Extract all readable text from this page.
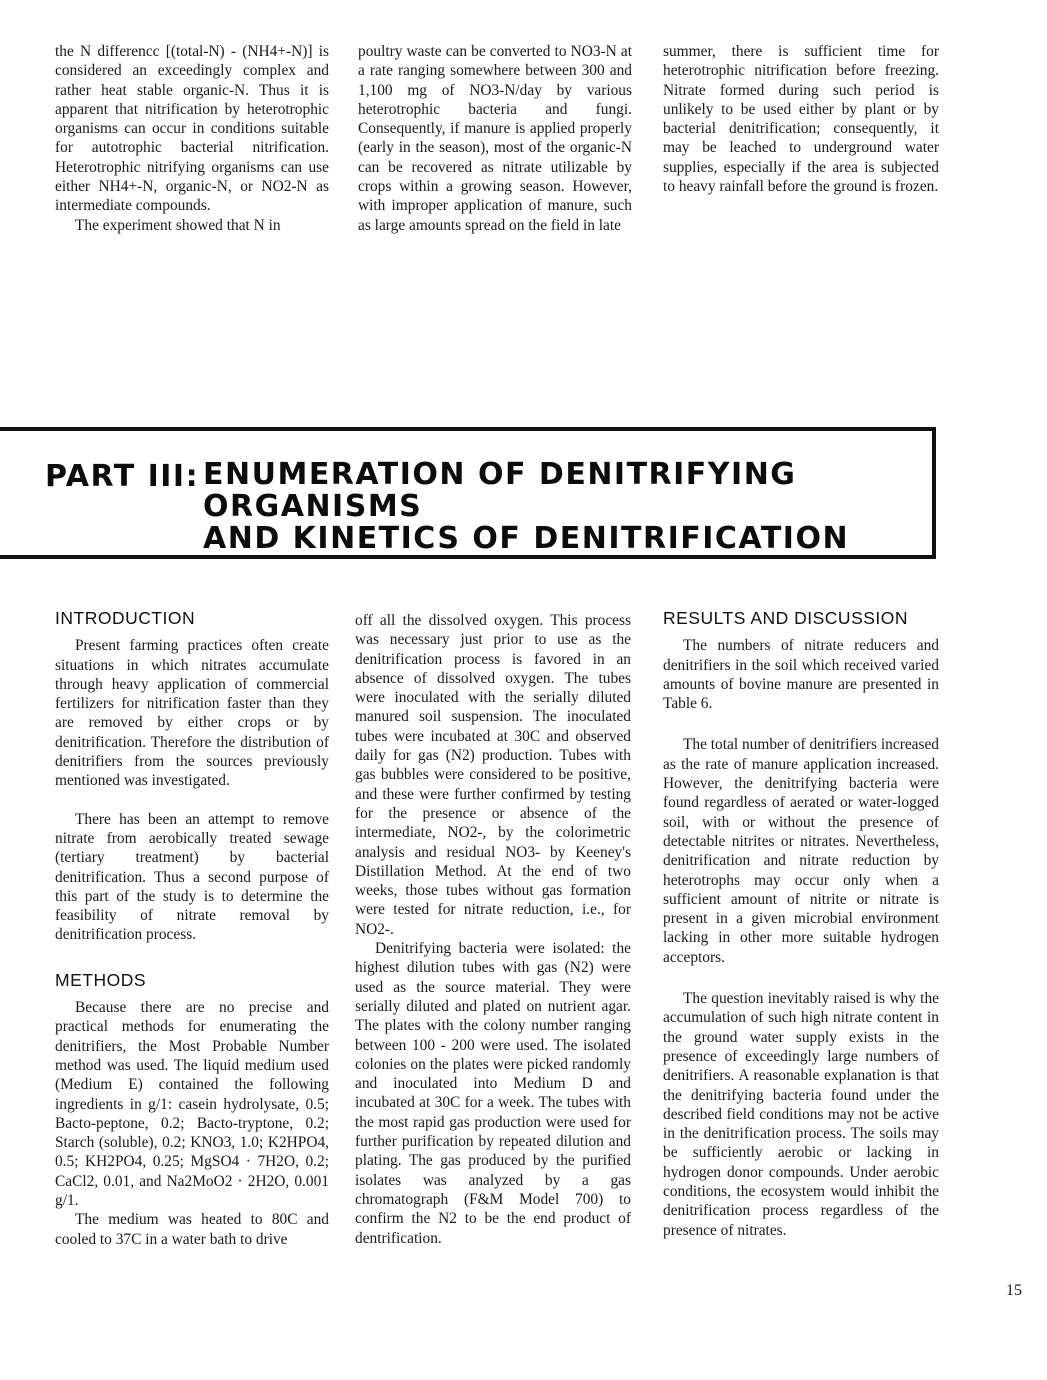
the N differencc [(total-N) - (NH4+-N)] is considered an exceedingly complex and rather heat stable organic-N. Thus it is apparent that nitrification by heterotrophic organisms can occur in conditions suitable for autotrophic bacterial nitrification. Heterotrophic nitrifying organisms can use either NH4+-N, organic-N, or NO2-N as intermediate compounds.

The experiment showed that N in

poultry waste can be converted to NO3-N at a rate ranging somewhere between 300 and 1,100 mg of NO3-N/day by various heterotrophic bacteria and fungi. Consequently, if manure is applied properly (early in the season), most of the organic-N can be recovered as nitrate utilizable by crops within a growing season. However, with improper application of manure, such as large amounts spread on the field in late

summer, there is sufficient time for heterotrophic nitrification before freezing. Nitrate formed during such period is unlikely to be used either by plant or by bacterial denitrification; consequently, it may be leached to underground water supplies, especially if the area is subjected to heavy rainfall before the ground is frozen.

PART III: ENUMERATION OF DENITRIFYING ORGANISMS
AND KINETICS OF DENITRIFICATION
INTRODUCTION

Present farming practices often create situations in which nitrates accumulate through heavy application of commercial fertilizers for nitrification faster than they are removed by either crops or by denitrification. Therefore the distribution of denitrifiers from the sources previously mentioned was investigated.

There has been an attempt to remove nitrate from aerobically treated sewage (tertiary treatment) by bacterial denitrification. Thus a second purpose of this part of the study is to determine the feasibility of nitrate removal by denitrification process.

METHODS

Because there are no precise and practical methods for enumerating the denitrifiers, the Most Probable Number method was used. The liquid medium used (Medium E) contained the following ingredients in g/1: casein hydrolysate, 0.5; Bacto-peptone, 0.2; Bacto-tryptone, 0.2; Starch (soluble), 0.2; KNO3, 1.0; K2HPO4, 0.5; KH2PO4, 0.25; MgSO4 · 7H2O, 0.2; CaCl2, 0.01, and Na2MoO2 · 2H2O, 0.001 g/1.

The medium was heated to 80C and cooled to 37C in a water bath to drive

off all the dissolved oxygen. This process was necessary just prior to use as the denitrification process is favored in an absence of dissolved oxygen. The tubes were inoculated with the serially diluted manured soil suspension. The inoculated tubes were incubated at 30C and observed daily for gas (N2) production. Tubes with gas bubbles were considered to be positive, and these were further confirmed by testing for the presence or absence of the intermediate, NO2-, by the colorimetric analysis and residual NO3- by Keeney's Distillation Method. At the end of two weeks, those tubes without gas formation were tested for nitrate reduction, i.e., for NO2-.

Denitrifying bacteria were isolated: the highest dilution tubes with gas (N2) were used as the source material. They were serially diluted and plated on nutrient agar. The plates with the colony number ranging between 100 - 200 were used. The isolated colonies on the plates were picked randomly and inoculated into Medium D and incubated at 30C for a week. The tubes with the most rapid gas production were used for further purification by repeated dilution and plating. The gas produced by the purified isolates was analyzed by a gas chromatograph (F&M Model 700) to confirm the N2 to be the end product of dentrification.

RESULTS AND DISCUSSION

The numbers of nitrate reducers and denitrifiers in the soil which received varied amounts of bovine manure are presented in Table 6.

The total number of denitrifiers increased as the rate of manure application increased. However, the denitrifying bacteria were found regardless of aerated or water-logged soil, with or without the presence of detectable nitrites or nitrates. Nevertheless, denitrification and nitrate reduction by heterotrophs may occur only when a sufficient amount of nitrite or nitrate is present in a given microbial environment lacking in other more suitable hydrogen acceptors.

The question inevitably raised is why the accumulation of such high nitrate content in the ground water supply exists in the presence of exceedingly large numbers of denitrifiers. A reasonable explanation is that the denitrifying bacteria found under the described field conditions may not be active in the denitrification process. The soils may be sufficiently aerobic or lacking in hydrogen donor compounds. Under aerobic conditions, the ecosystem would inhibit the denitrification process regardless of the presence of nitrates.

15
